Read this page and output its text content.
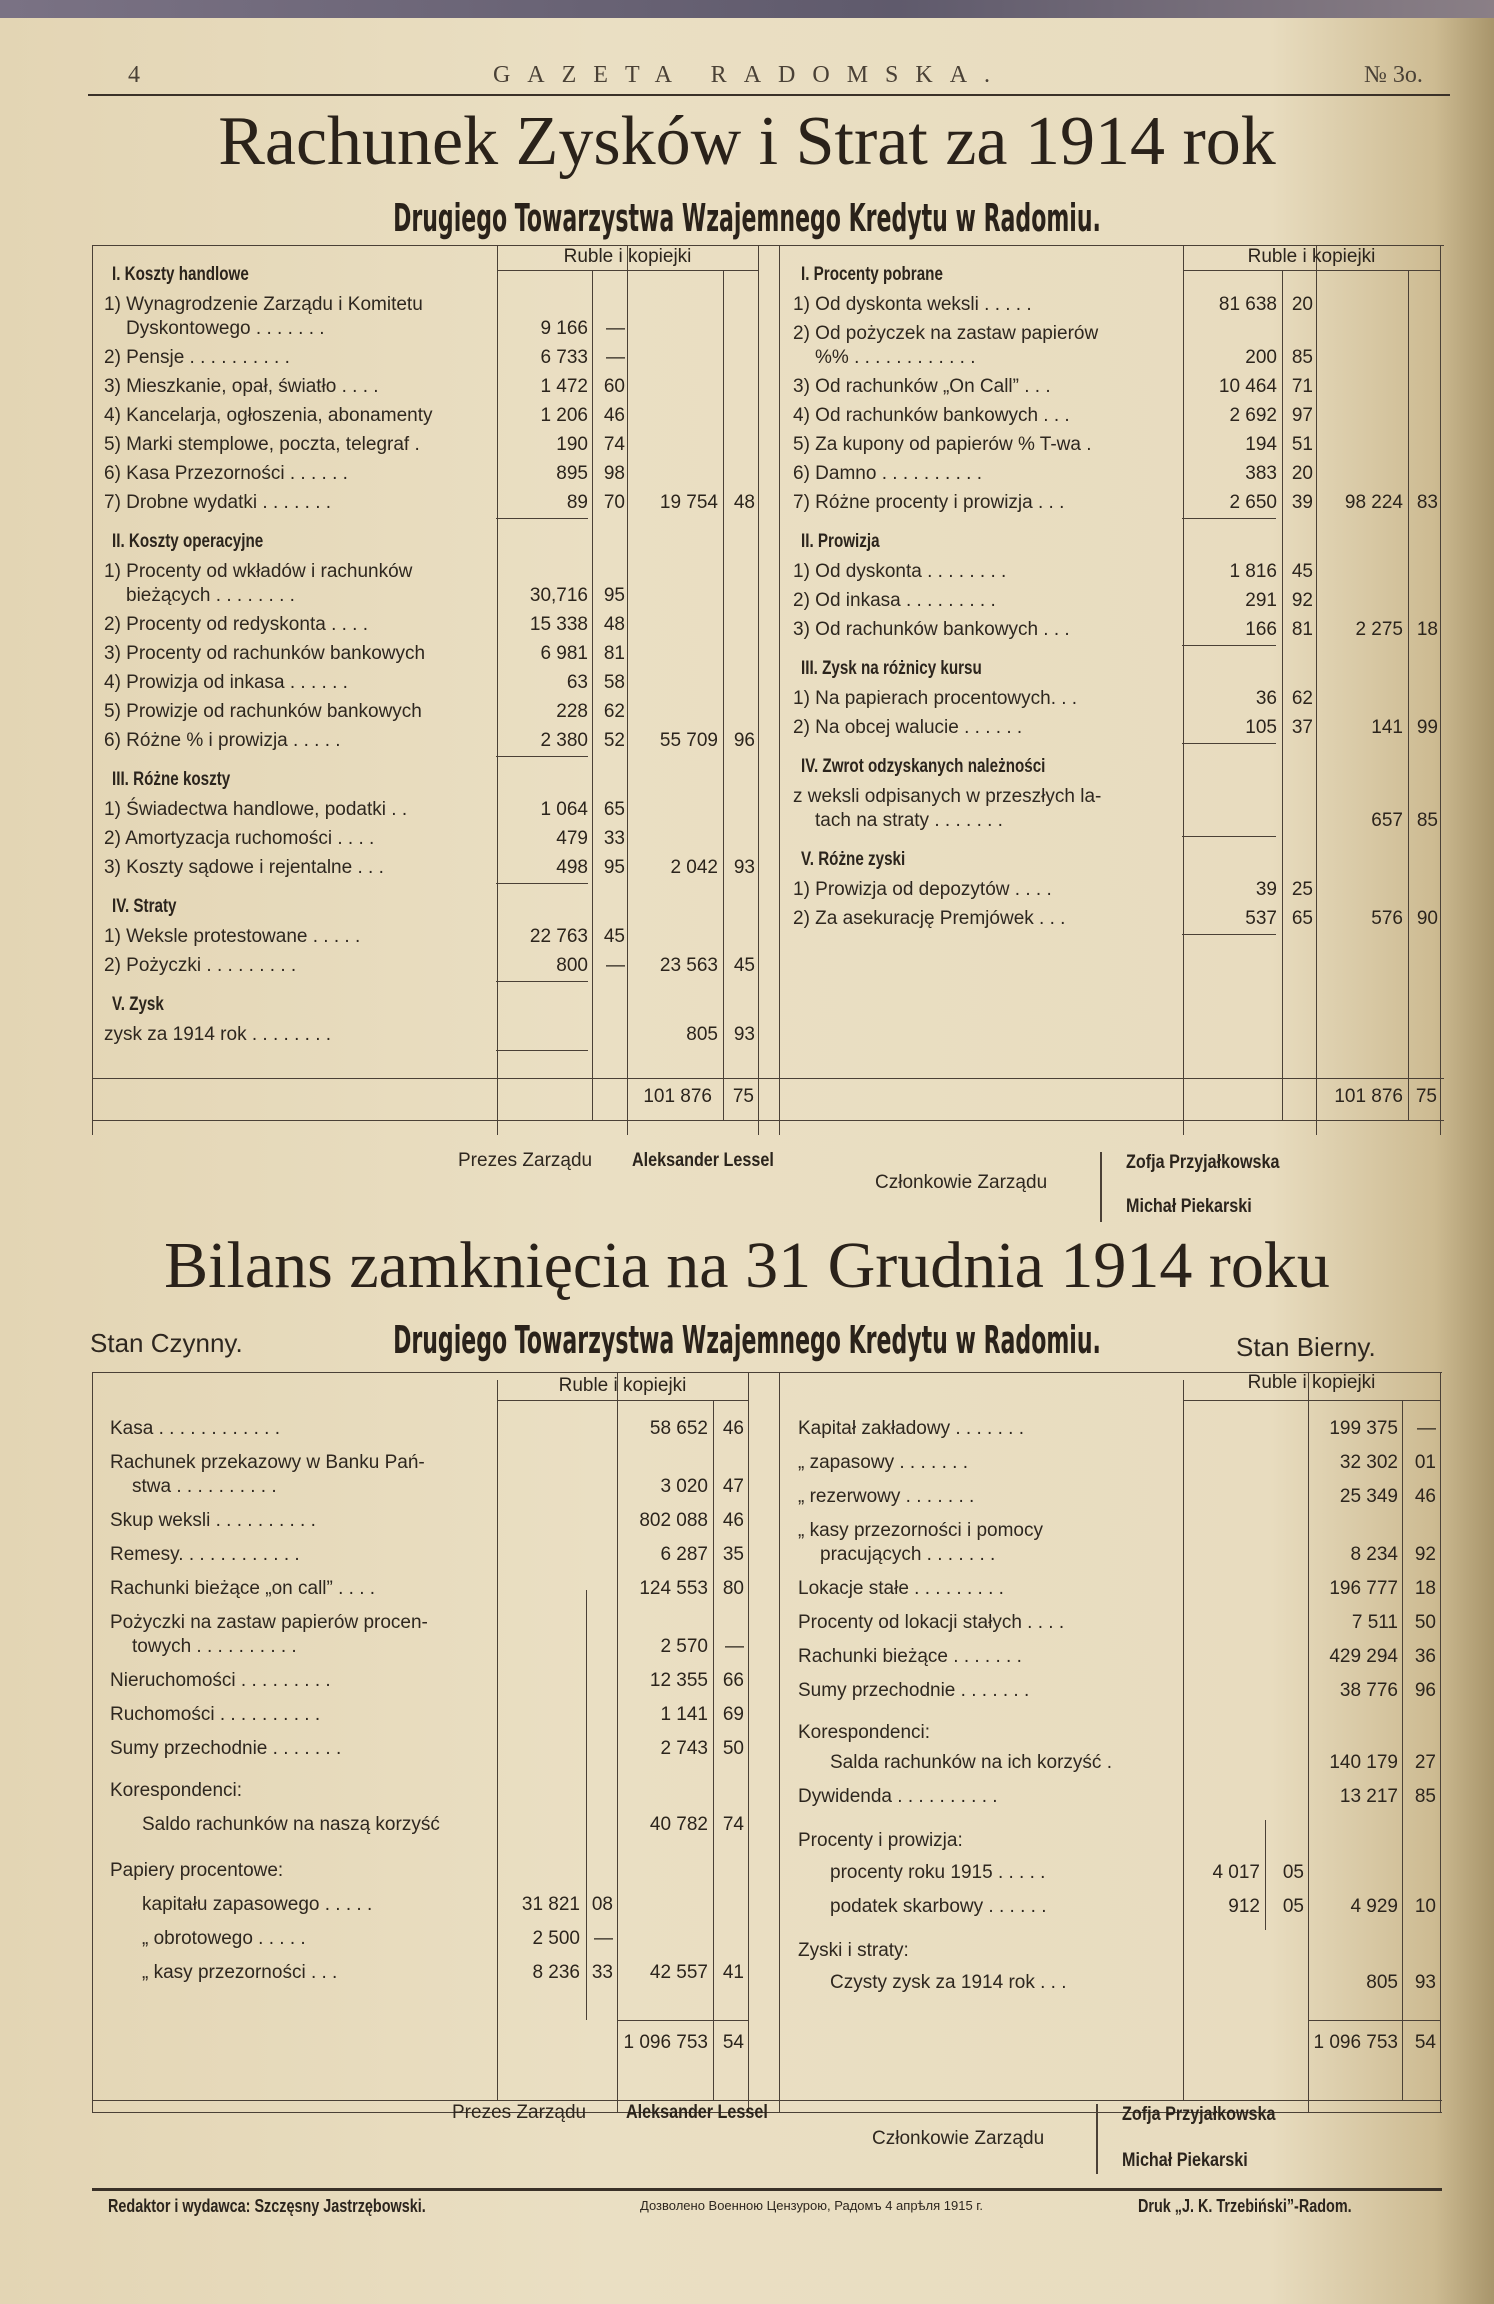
4	GAZETA RADOMSKA.	№ 3o.
Rachunek Zysków i Strat za 1914 rok
Drugiego Towarzystwa Wzajemnego Kredytu w Radomiu.
Ruble i kopiejki	Ruble i kopiejki
I. Koszty handlowe
1) Wynagrodzenie Zarządu i Komitetu
Dyskontowego . . . . . . .	9 166 —
2) Pensje . . . . . . . . . .	6 733 —
3) Mieszkanie, opał, światło . . . .	1 472 60
4) Kancelarja, ogłoszenia, abonamenty	1 206 46
5) Marki stemplowe, poczta, telegraf .	190 74
6) Kasa Przezorności . . . . . .	895 98
7) Drobne wydatki . . . . . . .	89 70	19 754 48
II. Koszty operacyjne
1) Procenty od wkładów i rachunków
bieżących . . . . . . . .	30,716 95
2) Procenty od redyskonta . . . .	15 338 48
3) Procenty od rachunków bankowych	6 981 81
4) Prowizja od inkasa . . . . . .	63 58
5) Prowizje od rachunków bankowych	228 62
6) Różne % i prowizja . . . . .	2 380 52	55 709 96
III. Różne koszty
1) Świadectwa handlowe, podatki . .	1 064 65
2) Amortyzacja ruchomości . . . .	479 33
3) Koszty sądowe i rejentalne . . .	498 95	2 042 93
IV. Straty
1) Weksle protestowane . . . . .	22 763 45
2) Pożyczki . . . . . . . . .	800 —	23 563 45
V. Zysk
zysk za 1914 rok . . . . . . . .	805 93
I. Procenty pobrane
1) Od dyskonta weksli . . . . .	81 638 20
2) Od pożyczek na zastaw papierów
%% . . . . . . . . . . . .	200 85
3) Od rachunków „On Call” . . .	10 464 71
4) Od rachunków bankowych . . .	2 692 97
5) Za kupony od papierów % T-wa .	194 51
6) Damno . . . . . . . . . .	383 20
7) Różne procenty i prowizja . . .	2 650 39	98 224 83
II. Prowizja
1) Od dyskonta . . . . . . . .	1 816 45
2) Od inkasa . . . . . . . . .	291 92
3) Od rachunków bankowych . . .	166 81	2 275 18
III. Zysk na różnicy kursu
1) Na papierach procentowych. . .	36 62
2) Na obcej walucie . . . . . .	105 37	141 99
IV. Zwrot odzyskanych należności
z weksli odpisanych w przeszłych la-
tach na straty . . . . . . .	657 85
V. Różne zyski
1) Prowizja od depozytów . . . .	39 25
2) Za asekurację Premjówek . . .	537 65	576 90
101 876	75	101 876 75
Prezes Zarządu Aleksander Lessel
Członkowie Zarządu
Zofja Przyjałkowska
Michał Piekarski
Bilans zamknięcia na 31 Grudnia 1914 roku
Stan Czynny.	Drugiego Towarzystwa Wzajemnego Kredytu w Radomiu.	Stan Bierny.
Ruble i kopiejki	Ruble i kopiejki
Kasa . . . . . . . . . . . .	58 652 46
Rachunek przekazowy w Banku Pań-
stwa . . . . . . . . . .	3 020 47
Skup weksli . . . . . . . . . .	802 088 46
Remesy. . . . . . . . . . . .	6 287 35
Rachunki bieżące „on call” . . . .	124 553 80
Pożyczki na zastaw papierów procen-
towych . . . . . . . . . .	2 570 —
Nieruchomości . . . . . . . . .	12 355 66
Ruchomości . . . . . . . . . .	1 141 69
Sumy przechodnie . . . . . . .	2 743 50
Korespondenci:
Saldo rachunków na naszą korzyść	40 782 74
Papiery procentowe:
kapitału zapasowego . . . . .	31 821 08
„ obrotowego . . . . .	2 500 —
„ kasy przezorności . . .	8 236 33	42 557 41
1 096 753 54
Kapitał zakładowy . . . . . . .	199 375	—
„ zapasowy . . . . . . .	32 302 01
„ rezerwowy . . . . . . .	25 349 46
„ kasy przezorności i pomocy
pracujących . . . . . . .	8 234 92
Lokacje stałe . . . . . . . . .	196 777 18
Procenty od lokacji stałych . . . .	7 511 50
Rachunki bieżące . . . . . . .	429 294 36
Sumy przechodnie . . . . . . .	38 776 96
Korespondenci:
Salda rachunków na ich korzyść .	140 179 27
Dywidenda . . . . . . . . . .	13 217 85
Procenty i prowizja:
procenty roku 1915 . . . . .	4 017	05
podatek skarbowy . . . . . .	912	05	4 929 10
Zyski i straty:
Czysty zysk za 1914 rok . . .	805 93
1 096 753 54
Prezes Zarządu Aleksander Lessel
Członkowie Zarządu
Zofja Przyjałkowska
Michał Piekarski
Redaktor i wydawca: Szczęsny Jastrzębowski.	Дозволено Военною Цензурою, Радомъ 4 апрѣля 1915 г.	Druk „J. K. Trzebiński”-Radom.
